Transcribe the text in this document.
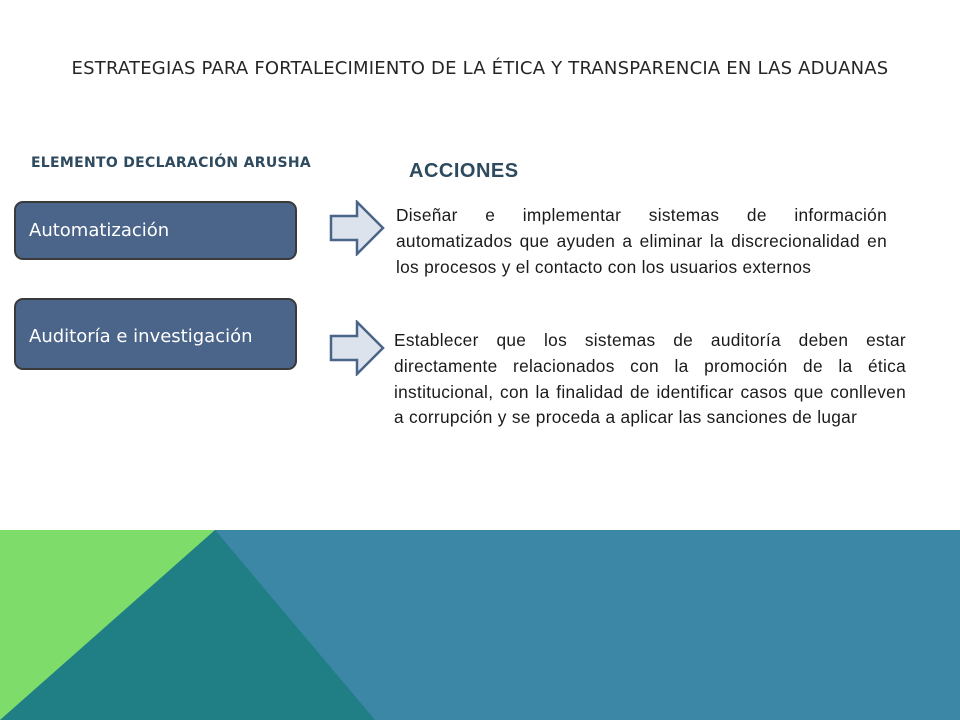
ESTRATEGIAS PARA FORTALECIMIENTO DE LA ÉTICA Y TRANSPARENCIA EN LAS ADUANAS
ELEMENTO DECLARACIÓN ARUSHA	ACCIONES
Automatización
Diseñar e implementar sistemas de información automatizados que ayuden a eliminar la discrecionalidad en los procesos y el contacto con los usuarios externos
Auditoría e investigación	Establecer que los sistemas de auditoría deben estar directamente relacionados con la promoción de la ética institucional, con la finalidad de identificar casos que conlleven a corrupción y se proceda a aplicar las sanciones de lugar
